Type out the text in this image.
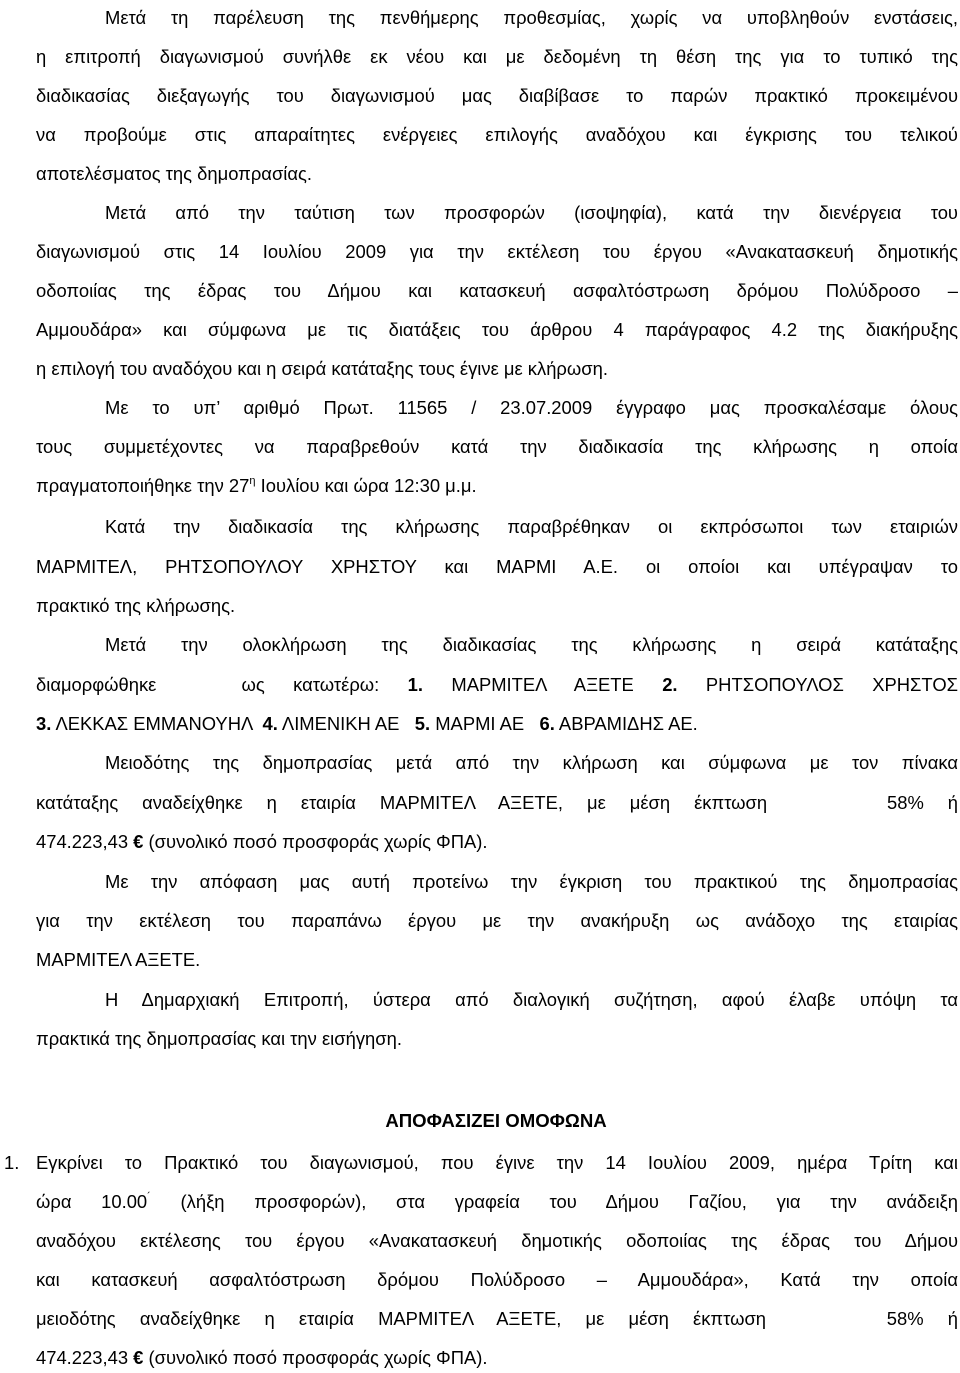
Μετά τη παρέλευση της πενθήμερης προθεσμίας, χωρίς να υποβληθούν ενστάσεις,
η επιτροπή διαγωνισμού συνήλθε εκ νέου και με δεδομένη τη θέση της για το τυπικό της
διαδικασίας διεξαγωγής του διαγωνισμού μας διαβίβασε το παρών πρακτικό προκειμένου
να προβούμε στις απαραίτητες ενέργειες επιλογής αναδόχου και έγκρισης του τελικού
αποτελέσματος της δημοπρασίας.
Μετά από την ταύτιση των προσφορών (ισοψηφία), κατά την διενέργεια του
διαγωνισμού στις 14 Ιουλίου 2009 για την εκτέλεση του έργου «Ανακατασκευή δημοτικής
οδοποιίας της έδρας του Δήμου και κατασκευή ασφαλτόστρωση δρόμου Πολύδροσο –
Αμμουδάρα» και σύμφωνα με τις διατάξεις του άρθρου 4 παράγραφος 4.2 της διακήρυξης
η επιλογή του αναδόχου και η σειρά κατάταξης τους έγινε με κλήρωση.
Με το υπ’ αριθμό Πρωτ. 11565 / 23.07.2009 έγγραφο μας προσκαλέσαμε όλους
τους συμμετέχοντες να παραβρεθούν κατά την διαδικασία της κλήρωσης η οποία
πραγματοποιήθηκε την $27^\eta$ Ιουλίου και ώρα 12:30 μ.μ.
Κατά την διαδικασία της κλήρωσης παραβρέθηκαν οι εκπρόσωποι των εταιριών
ΜΑΡΜΙΤΕΛ, ΡΗΤΣΟΠΟΥΛΟΥ ΧΡΗΣΤΟΥ και ΜΑΡΜΙ Α.Ε. οι οποίοι και υπέγραψαν το
πρακτικό της κλήρωσης.
Μετά την ολοκλήρωση της διαδικασίας της κλήρωσης η σειρά κατάταξης
διαμορφώθηκε   ως κατωτέρω: 1. ΜΑΡΜΙΤΕΛ ΑΞΕΤΕ 2. ΡΗΤΣΟΠΟΥΛΟΣ ΧΡΗΣΤΟΣ
3. ΛΕΚΚΑΣ ΕΜΜΑΝΟΥΗΛ  4. ΛΙΜΕΝΙΚΗ ΑΕ   5. ΜΑΡΜΙ ΑΕ   6. ΑΒΡΑΜΙΔΗΣ ΑΕ.
Μειοδότης της δημοπρασίας μετά από την κλήρωση και σύμφωνα με τον πίνακα
κατάταξης αναδείχθηκε η εταιρία ΜΑΡΜΙΤΕΛ ΑΞΕΤΕ, με μέση έκπτωση     58% ή
474.223,43 € (συνολικό ποσό προσφοράς χωρίς ΦΠΑ).
Με την απόφαση μας αυτή προτείνω την έγκριση του πρακτικού της δημοπρασίας
για την εκτέλεση του παραπάνω έργου με την ανακήρυξη ως ανάδοχο της εταιρίας
ΜΑΡΜΙΤΕΛ ΑΞΕΤΕ.
Η Δημαρχιακή Επιτροπή, ύστερα από διαλογική συζήτηση, αφού έλαβε υπόψη τα
πρακτικά της δημοπρασίας και την εισήγηση.
ΑΠΟΦΑΣΙΖΕΙ ΟΜΟΦΩΝΑ
1. Εγκρίνει το Πρακτικό του διαγωνισμού, που έγινε την 14 Ιουλίου 2009, ημέρα Τρίτη και
ώρα 10.00´ (λήξη προσφορών), στα γραφεία του Δήμου Γαζίου, για την ανάδειξη
αναδόχου εκτέλεσης του έργου «Ανακατασκευή δημοτικής οδοποιίας της έδρας του Δήμου
και κατασκευή ασφαλτόστρωση δρόμου Πολύδροσο – Αμμουδάρα», Κατά την οποία
μειοδότης αναδείχθηκε η εταιρία ΜΑΡΜΙΤΕΛ ΑΞΕΤΕ, με μέση έκπτωση     58% ή
474.223,43 € (συνολικό ποσό προσφοράς χωρίς ΦΠΑ).
